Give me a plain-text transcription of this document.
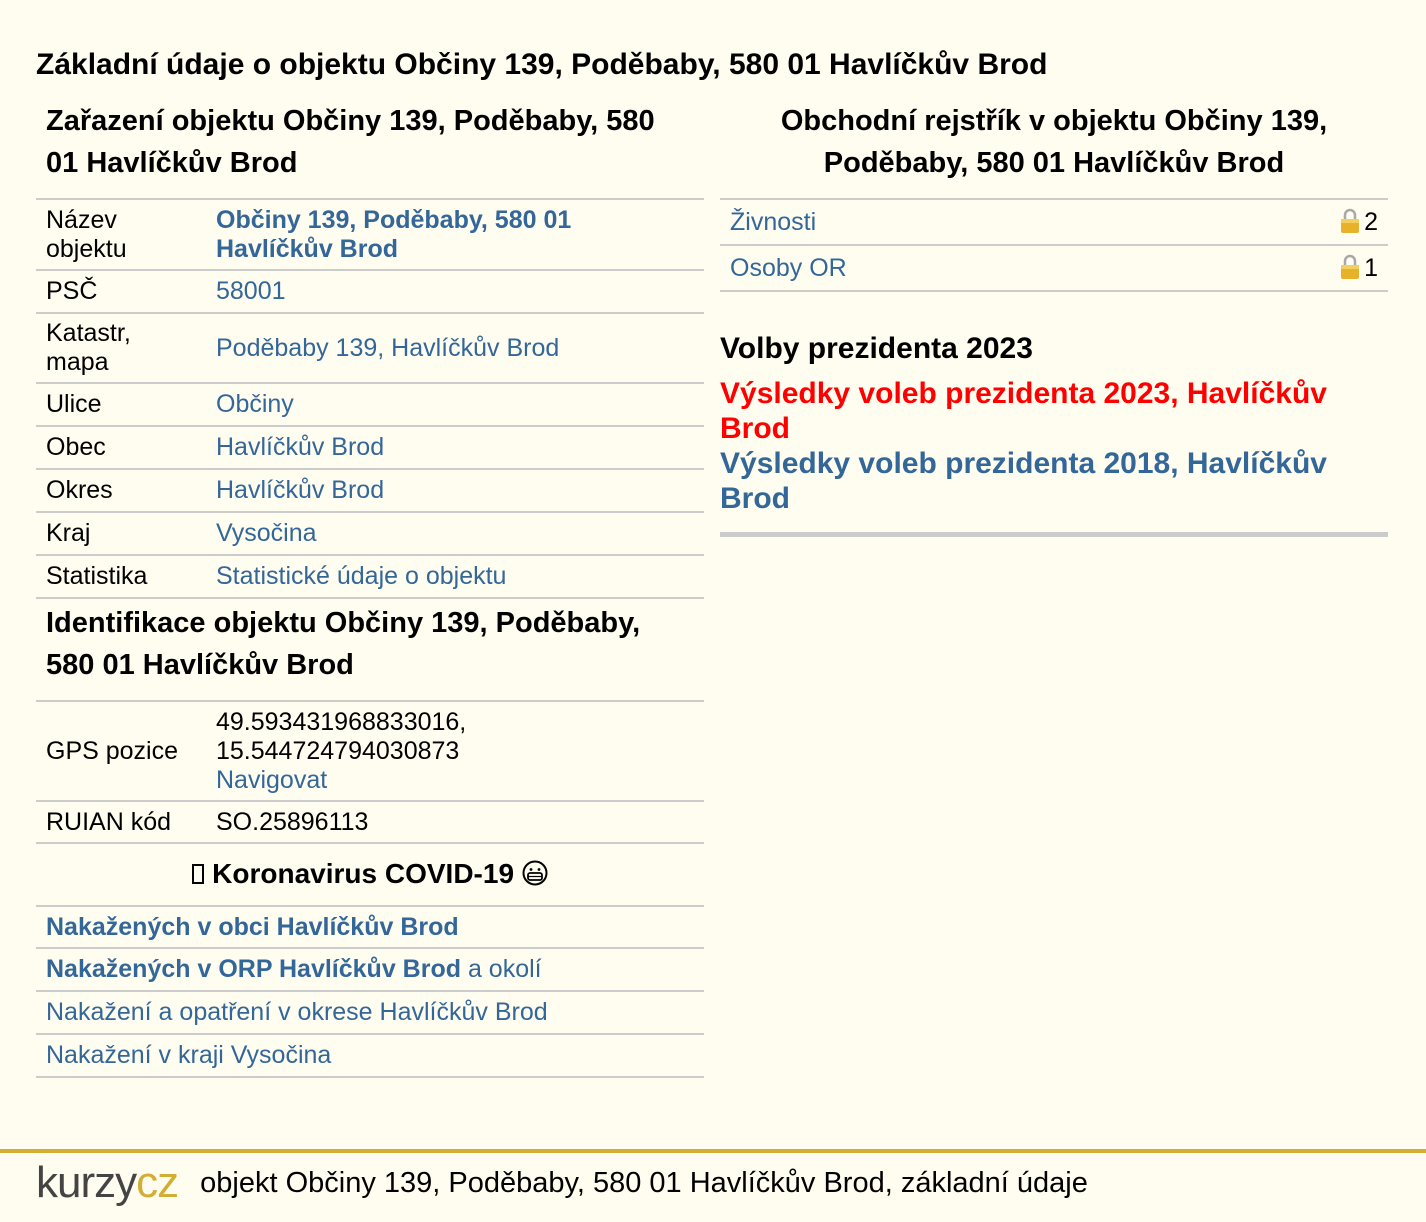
Základní údaje o objektu Občiny 139, Poděbaby, 580 01 Havlíčkův Brod
Zařazení objektu Občiny 139, Poděbaby, 580 01 Havlíčkův Brod
Název objektu	Občiny 139, Poděbaby, 580 01 Havlíčkův Brod
PSČ	58001
Katastr, mapa	Poděbaby 139, Havlíčkův Brod
Ulice	Občiny
Obec	Havlíčkův Brod
Okres	Havlíčkův Brod
Kraj	Vysočina
Statistika	Statistické údaje o objektu
Identifikace objektu Občiny 139, Poděbaby, 580 01 Havlíčkův Brod
GPS pozice	49.593431968833016,
15.544724794030873
Navigovat
RUIAN kód	SO.25896113
Koronavirus COVID-19
Nakažených v obci Havlíčkův Brod
Nakažených v ORP Havlíčkův Brod a okolí
Nakažení a opatření v okrese Havlíčkův Brod
Nakažení v kraji Vysočina
Obchodní rejstřík v objektu Občiny 139, Poděbaby, 580 01 Havlíčkův Brod
Živnosti	2
Osoby OR	1
Volby prezidenta 2023
Výsledky voleb prezidenta 2023, Havlíčkův Brod
Výsledky voleb prezidenta 2018, Havlíčkův Brod
kurzycz objekt Občiny 139, Poděbaby, 580 01 Havlíčkův Brod, základní údaje
